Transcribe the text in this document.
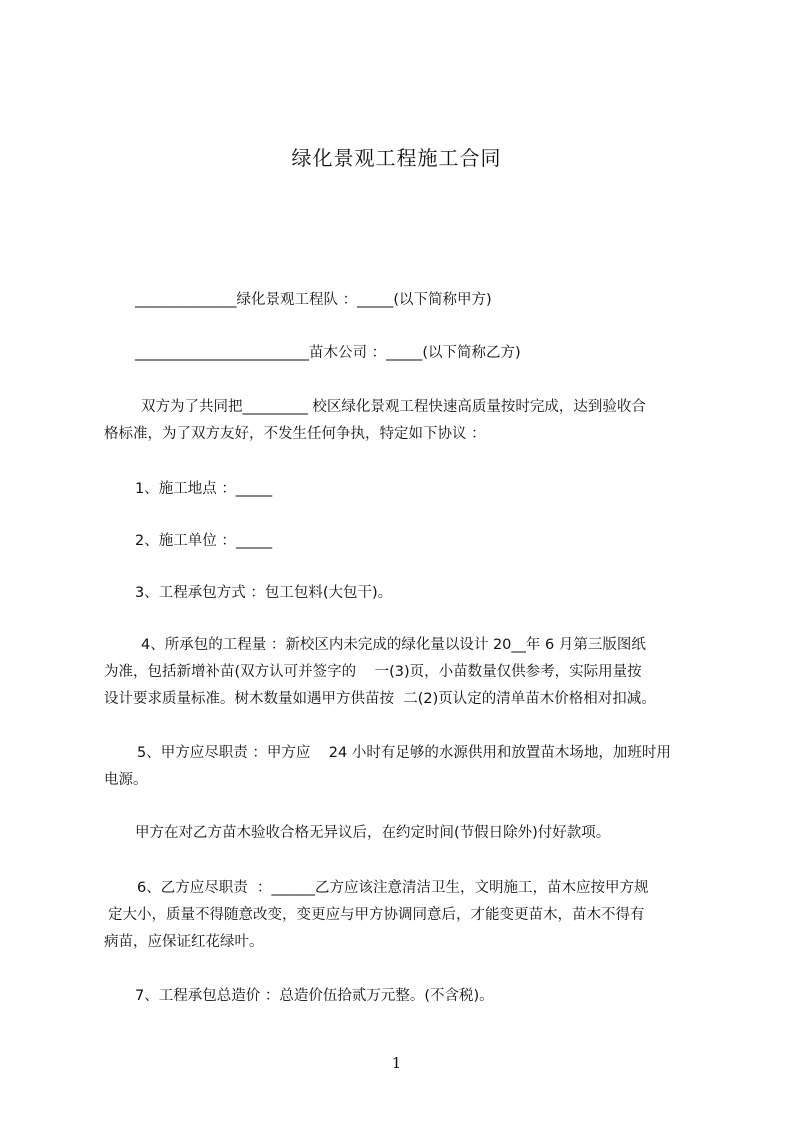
绿化景观工程施工合同
______________绿化景观工程队 ：_____(以下简称甲方)
________________________苗木公司 ：_____(以下简称乙方)
双方为了共同把_________ 校区绿化景观工程快速高质量按时完成，达到验收合
格标准，为了双方友好，不发生任何争执，特定如下协议 ：
1、施工地点 ：_____
2、施工单位 ：_____
3、工程承包方式 ：包工包料(大包干)。
4、所承包的工程量 ：新校区内未完成的绿化量以设计 20__年 6 月第三版图纸
为准，包括新增补苗(双方认可并签字的    一(3)页，小苗数量仅供参考，实际用量按
设计要求质量标准。树木数量如遇甲方供苗按  二(2)页认定的清单苗木价格相对扣减。
5、甲方应尽职责 ：甲方应    24 小时有足够的水源供用和放置苗木场地，加班时用
电源。
甲方在对乙方苗木验收合格无异议后，在约定时间(节假日除外)付好款项。
6、乙方应尽职责  ：______乙方应该注意清洁卫生，文明施工，苗木应按甲方规
定大小，质量不得随意改变，变更应与甲方协调同意后，才能变更苗木，苗木不得有
病苗，应保证红花绿叶。
7、工程承包总造价 ：总造价伍拾贰万元整。(不含税)。
1
